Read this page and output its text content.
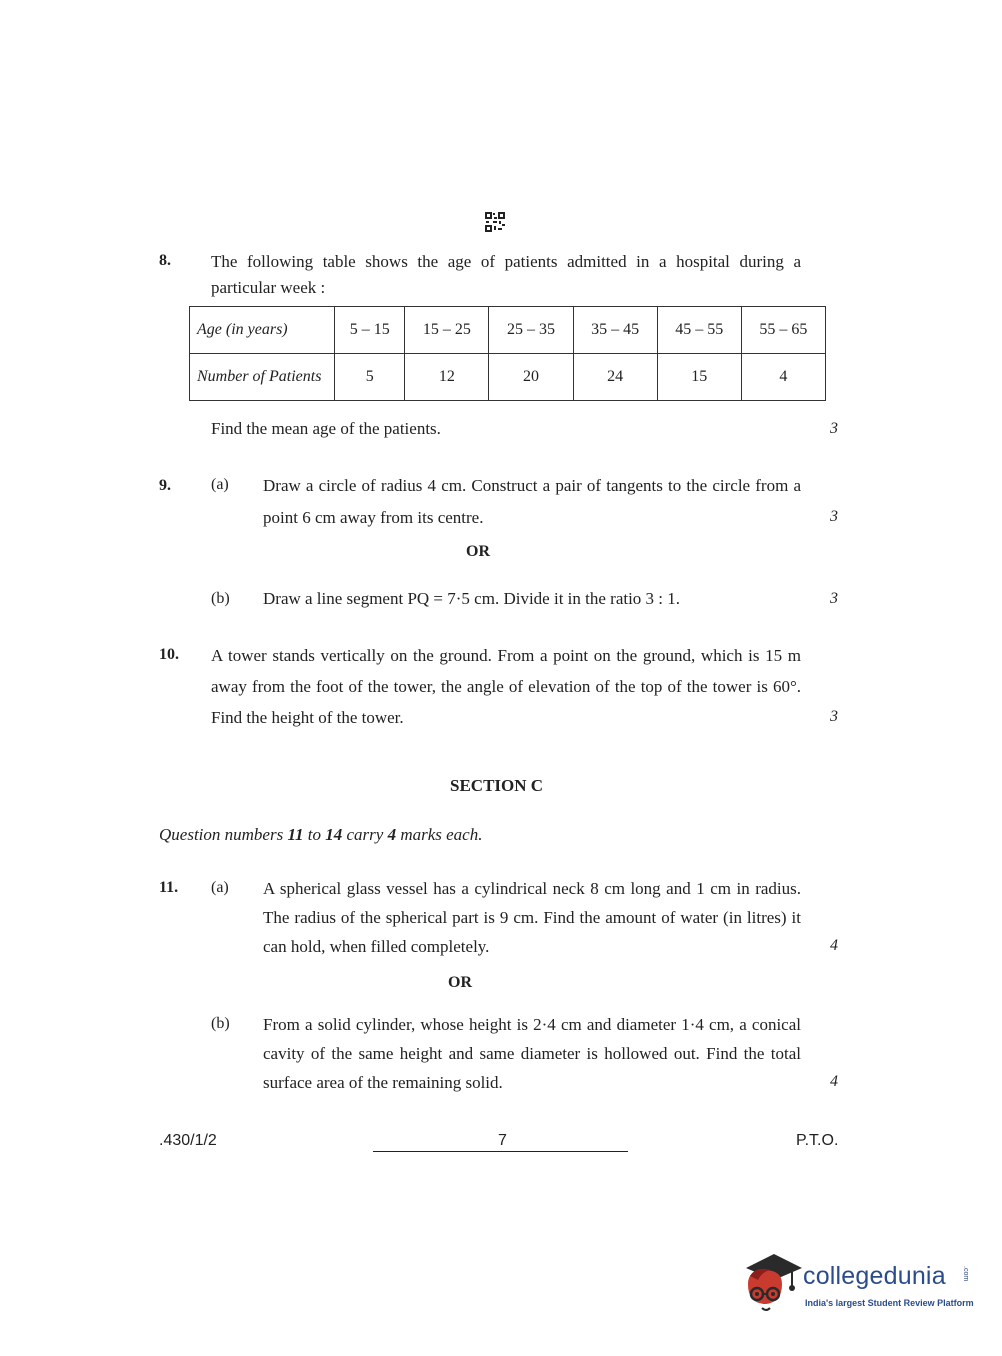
8. The following table shows the age of patients admitted in a hospital during a particular week :
Age (in years)	5 – 15	15 – 25	25 – 35	35 – 45	45 – 55	55 – 65
Number of Patients	5	12	20	24	15	4
Find the mean age of the patients.	3
9.	(a) Draw a circle of radius 4 cm. Construct a pair of tangents to the circle from a point 6 cm away from its centre.	3
OR
(b) Draw a line segment PQ = 7·5 cm. Divide it in the ratio 3 : 1.	3
10. A tower stands vertically on the ground. From a point on the ground, which is 15 m away from the foot of the tower, the angle of elevation of the top of the tower is 60°. Find the height of the tower.	3
SECTION C
Question numbers 11 to 14 carry 4 marks each.
11. (a) A spherical glass vessel has a cylindrical neck 8 cm long and 1 cm in radius. The radius of the spherical part is 9 cm. Find the amount of water (in litres) it can hold, when filled completely.	4
OR
(b) From a solid cylinder, whose height is 2·4 cm and diameter 1·4 cm, a conical cavity of the same height and same diameter is hollowed out. Find the total surface area of the remaining solid.	4
.430/1/2	7	P.T.O.
collegedunia .com
India's largest Student Review Platform
